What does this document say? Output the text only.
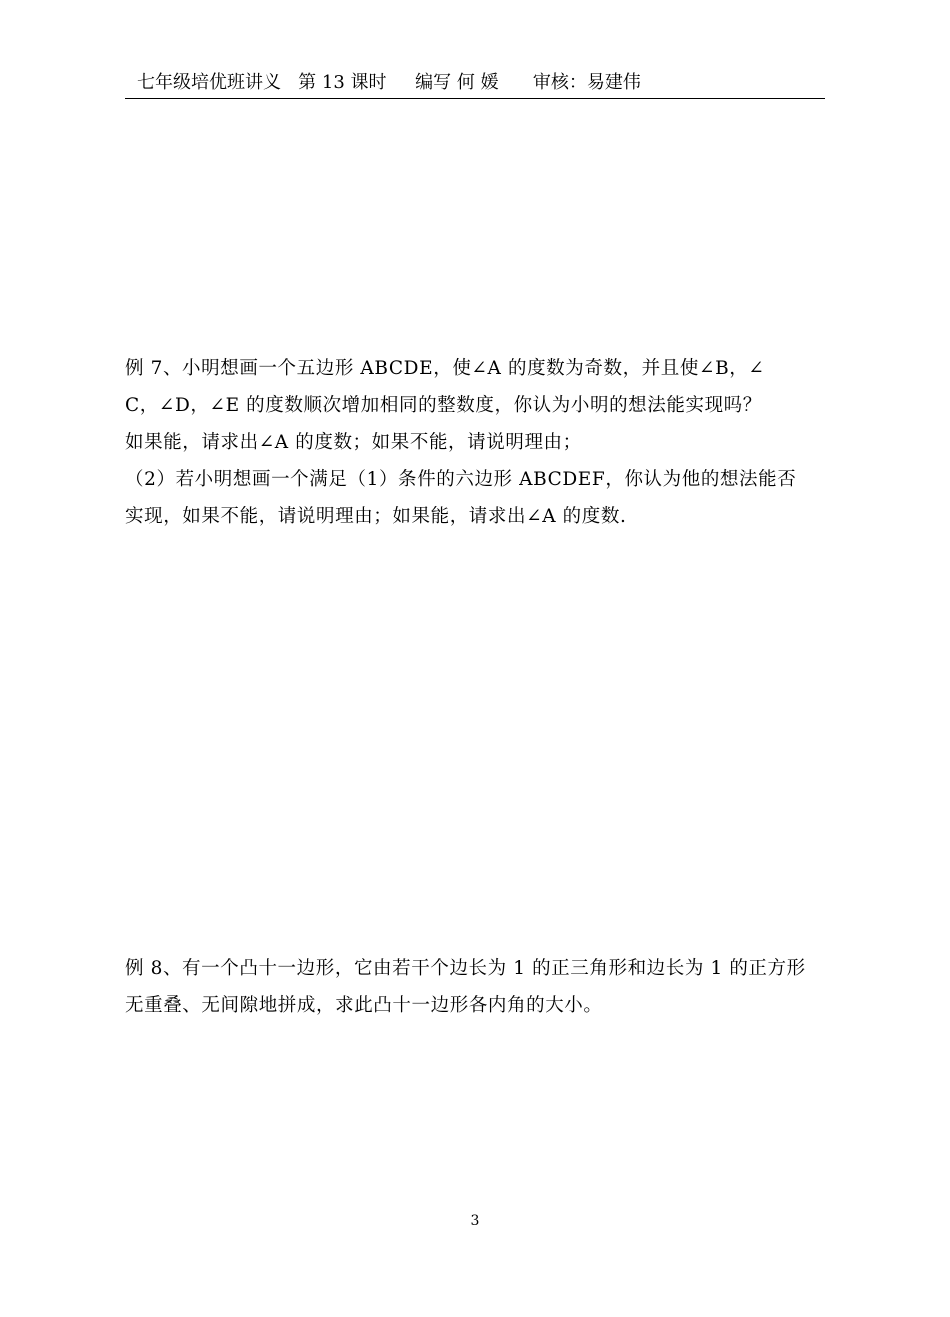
七年级培优班讲义   第 13 课时     编写 何 媛      审核：易建伟

例 7、小明想画一个五边形 ABCDE，使∠A 的度数为奇数，并且使∠B，∠
C，∠D，∠E 的度数顺次增加相同的整数度，你认为小明的想法能实现吗？
如果能，请求出∠A 的度数；如果不能，请说明理由；
（2）若小明想画一个满足（1）条件的六边形 ABCDEF，你认为他的想法能否
实现，如果不能，请说明理由；如果能，请求出∠A 的度数.
例 8、有一个凸十一边形，它由若干个边长为 1 的正三角形和边长为 1 的正方形
无重叠、无间隙地拼成，求此凸十一边形各内角的大小。
3
